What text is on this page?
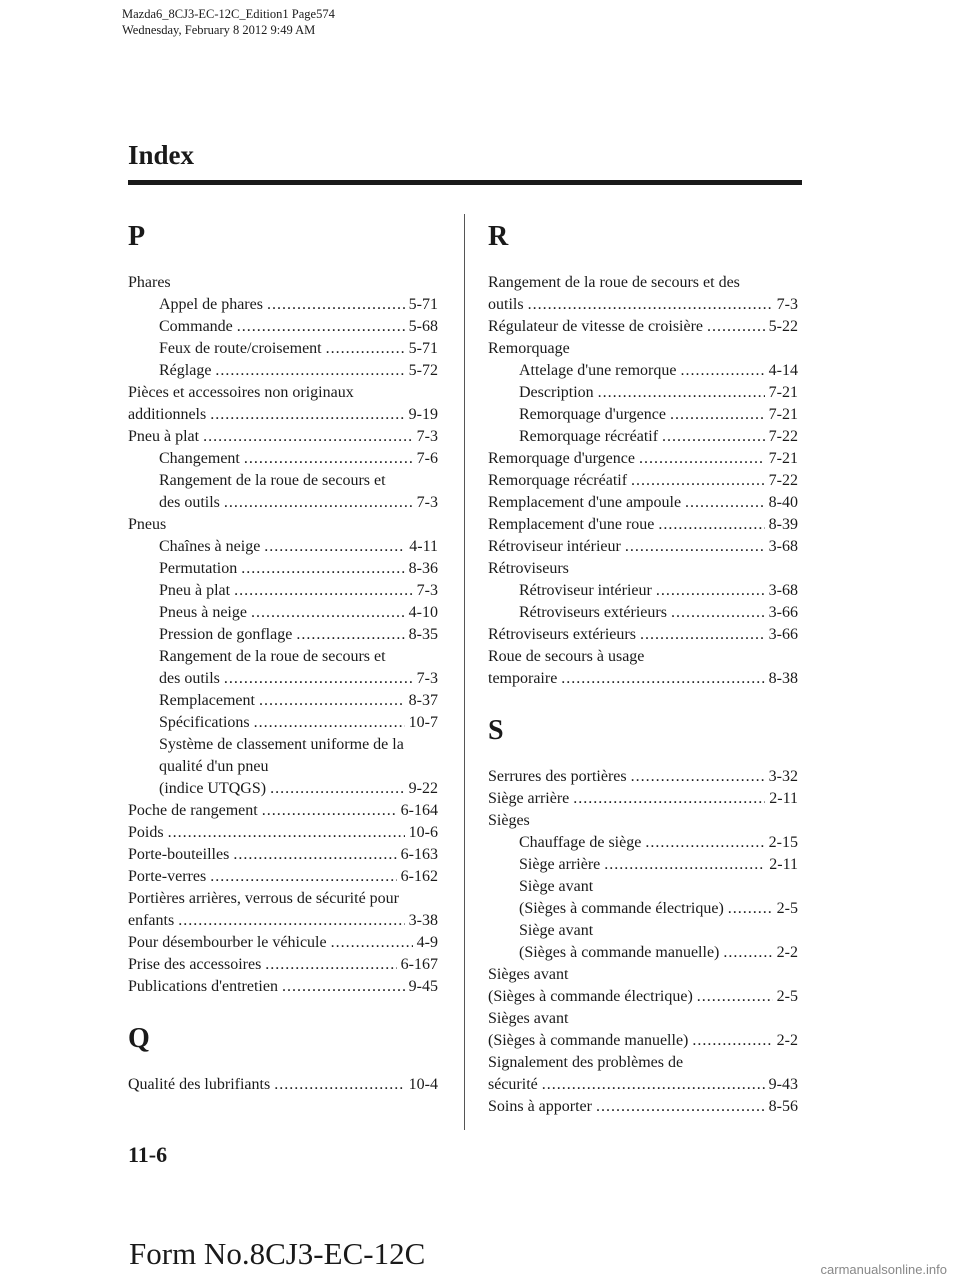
Mazda6_8CJ3-EC-12C_Edition1 Page574
Wednesday, February 8 2012 9:49 AM
Index
P
Phares
Appel de phares .....	5-71
Commande .....	5-68
Feux de route/croisement .....	5-71
Réglage .....	5-72
Pièces et accessoires non originaux
additionnels .....	9-19
Pneu à plat .....	7-3
Changement .....	7-6
Rangement de la roue de secours et
des outils .....	7-3
Pneus
Chaînes à neige .....	4-11
Permutation .....	8-36
Pneu à plat .....	7-3
Pneus à neige .....	4-10
Pression de gonflage .....	8-35
Rangement de la roue de secours et
des outils .....	7-3
Remplacement .....	8-37
Spécifications .....	10-7
Système de classement uniforme de la
qualité d'un pneu
(indice UTQGS) .....	9-22
Poche de rangement .....	6-164
Poids .....	10-6
Porte-bouteilles .....	6-163
Porte-verres .....	6-162
Portières arrières, verrous de sécurité pour
enfants .....	3-38
Pour désembourber le véhicule .....	4-9
Prise des accessoires .....	6-167
Publications d'entretien .....	9-45
Q
Qualité des lubrifiants .....	10-4
R
Rangement de la roue de secours et des
outils .....	7-3
Régulateur de vitesse de croisière .....	5-22
Remorquage
Attelage d'une remorque .....	4-14
Description .....	7-21
Remorquage d'urgence .....	7-21
Remorquage récréatif .....	7-22
Remorquage d'urgence .....	7-21
Remorquage récréatif .....	7-22
Remplacement d'une ampoule .....	8-40
Remplacement d'une roue .....	8-39
Rétroviseur intérieur .....	3-68
Rétroviseurs
Rétroviseur intérieur .....	3-68
Rétroviseurs extérieurs .....	3-66
Rétroviseurs extérieurs .....	3-66
Roue de secours à usage
temporaire .....	8-38
S
Serrures des portières .....	3-32
Siège arrière .....	2-11
Sièges
Chauffage de siège .....	2-15
Siège arrière .....	2-11
Siège avant
(Sièges à commande électrique) .....	2-5
Siège avant
(Sièges à commande manuelle) .....	2-2
Sièges avant
(Sièges à commande électrique) .....	2-5
Sièges avant
(Sièges à commande manuelle) .....	2-2
Signalement des problèmes de
sécurité .....	9-43
Soins à apporter .....	8-56
11-6
Form No.8CJ3-EC-12C	carmanualsonline.info
